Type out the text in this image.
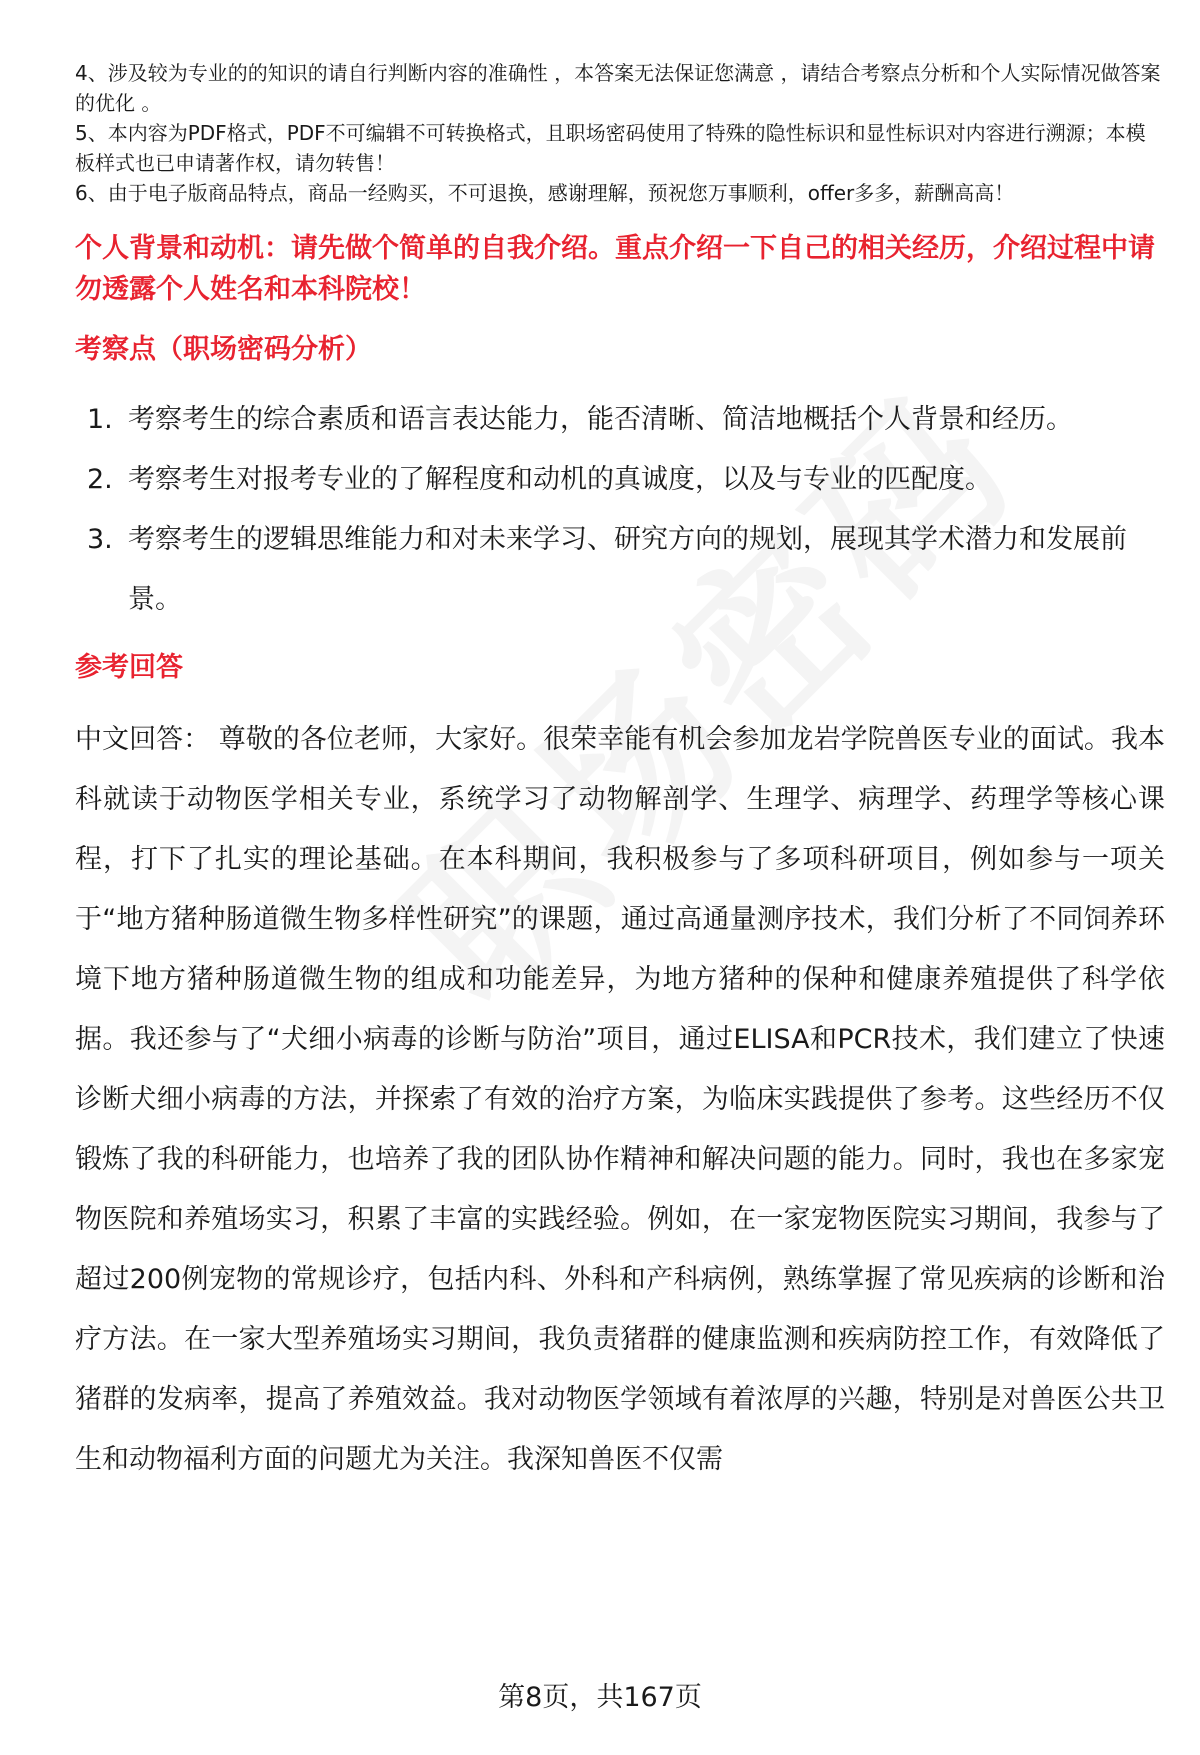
4、涉及较为专业的的知识的请自行判断内容的准确性 ，本答案无法保证您满意 ，请结合考察点分析和个人实际情况做答案的优化 。

5、本内容为PDF格式，PDF不可编辑不可转换格式，且职场密码使用了特殊的隐性标识和显性标识对内容进行溯源；本模板样式也已申请著作权，请勿转售！

6、由于电子版商品特点，商品一经购买，不可退换，感谢理解，预祝您万事顺利，offer多多，薪酬高高！

个人背景和动机：请先做个简单的自我介绍。重点介绍一下自己的相关经历，介绍过程中请勿透露个人姓名和本科院校！
考察点（职场密码分析）
1. 考察考生的综合素质和语言表达能力，能否清晰、简洁地概括个人背景和经历。
2. 考察考生对报考专业的了解程度和动机的真诚度，以及与专业的匹配度。
3. 考察考生的逻辑思维能力和对未来学习、研究方向的规划，展现其学术潜力和发展前景。
参考回答

中文回答： 尊敬的各位老师，大家好。很荣幸能有机会参加龙岩学院兽医专业的面试。我本科就读于动物医学相关专业，系统学习了动物解剖学、生理学、病理学、药理学等核心课程，打下了扎实的理论基础。在本科期间，我积极参与了多项科研项目，例如参与一项关于“地方猪种肠道微生物多样性研究”的课题，通过高通量测序技术，我们分析了不同饲养环境下地方猪种肠道微生物的组成和功能差异，为地方猪种的保种和健康养殖提供了科学依据。我还参与了“犬细小病毒的诊断与防治”项目，通过ELISA和PCR技术，我们建立了快速诊断犬细小病毒的方法，并探索了有效的治疗方案，为临床实践提供了参考。这些经历不仅锻炼了我的科研能力，也培养了我的团队协作精神和解决问题的能力。同时，我也在多家宠物医院和养殖场实习，积累了丰富的实践经验。例如，在一家宠物医院实习期间，我参与了超过200例宠物的常规诊疗，包括内科、外科和产科病例，熟练掌握了常见疾病的诊断和治疗方法。在一家大型养殖场实习期间，我负责猪群的健康监测和疾病防控工作，有效降低了猪群的发病率，提高了养殖效益。我对动物医学领域有着浓厚的兴趣，特别是对兽医公共卫生和动物福利方面的问题尤为关注。我深知兽医不仅需

第8页，共167页
